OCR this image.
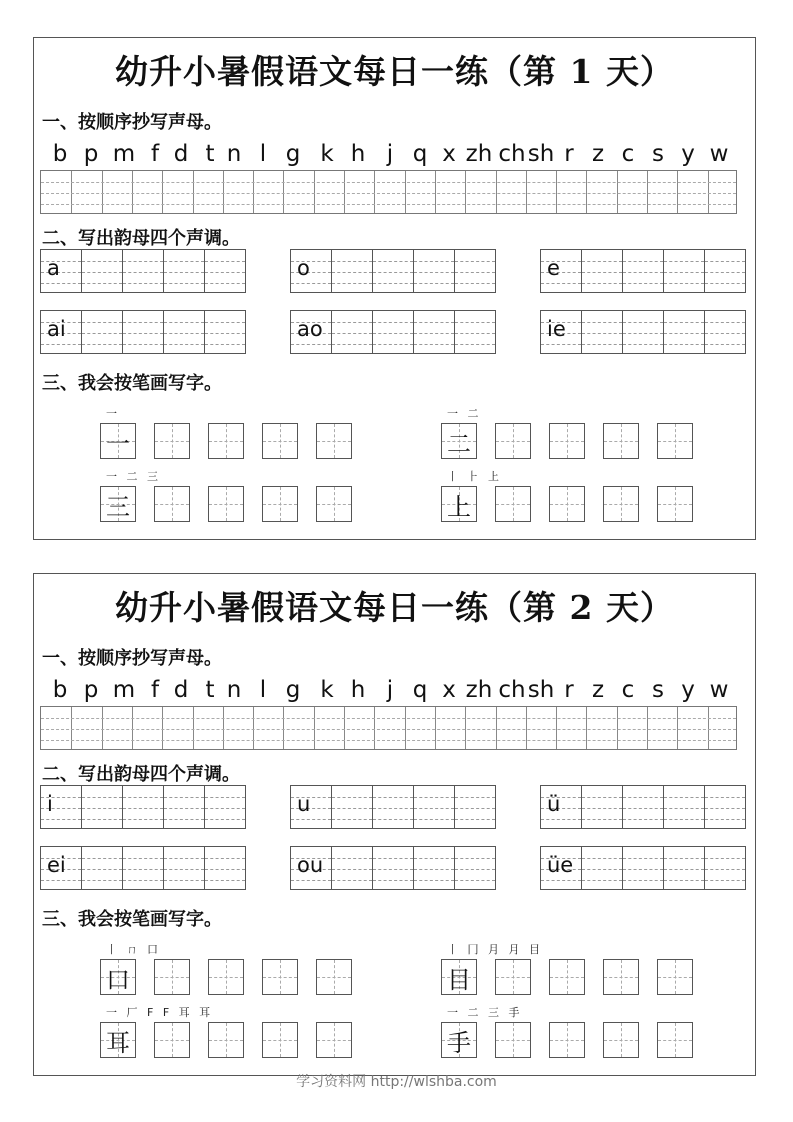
幼升小暑假语文每日一练（第 1 天）
一、按顺序抄写声母。
b p m f d t n l g k h j q x zh ch sh r z c s y w
二、写出韵母四个声调。
a	o	e
ai	ao	ie
三、我会按笔画写字。
一
一
一 二
二
一 二 三
三
丨 ⺊ 上
上
幼升小暑假语文每日一练（第 2 天）
一、按顺序抄写声母。
b p m f d t n l g k h j q x zh ch sh r z c s y w
二、写出韵母四个声调。
i	u	ü
ei	ou	üe
三、我会按笔画写字。
丨 ㄇ 口
口
丨 冂 月 月 目
目
一 厂 F F 耳 耳
耳
一 二 三 手
手
学习资料网 http://wlshba.com
